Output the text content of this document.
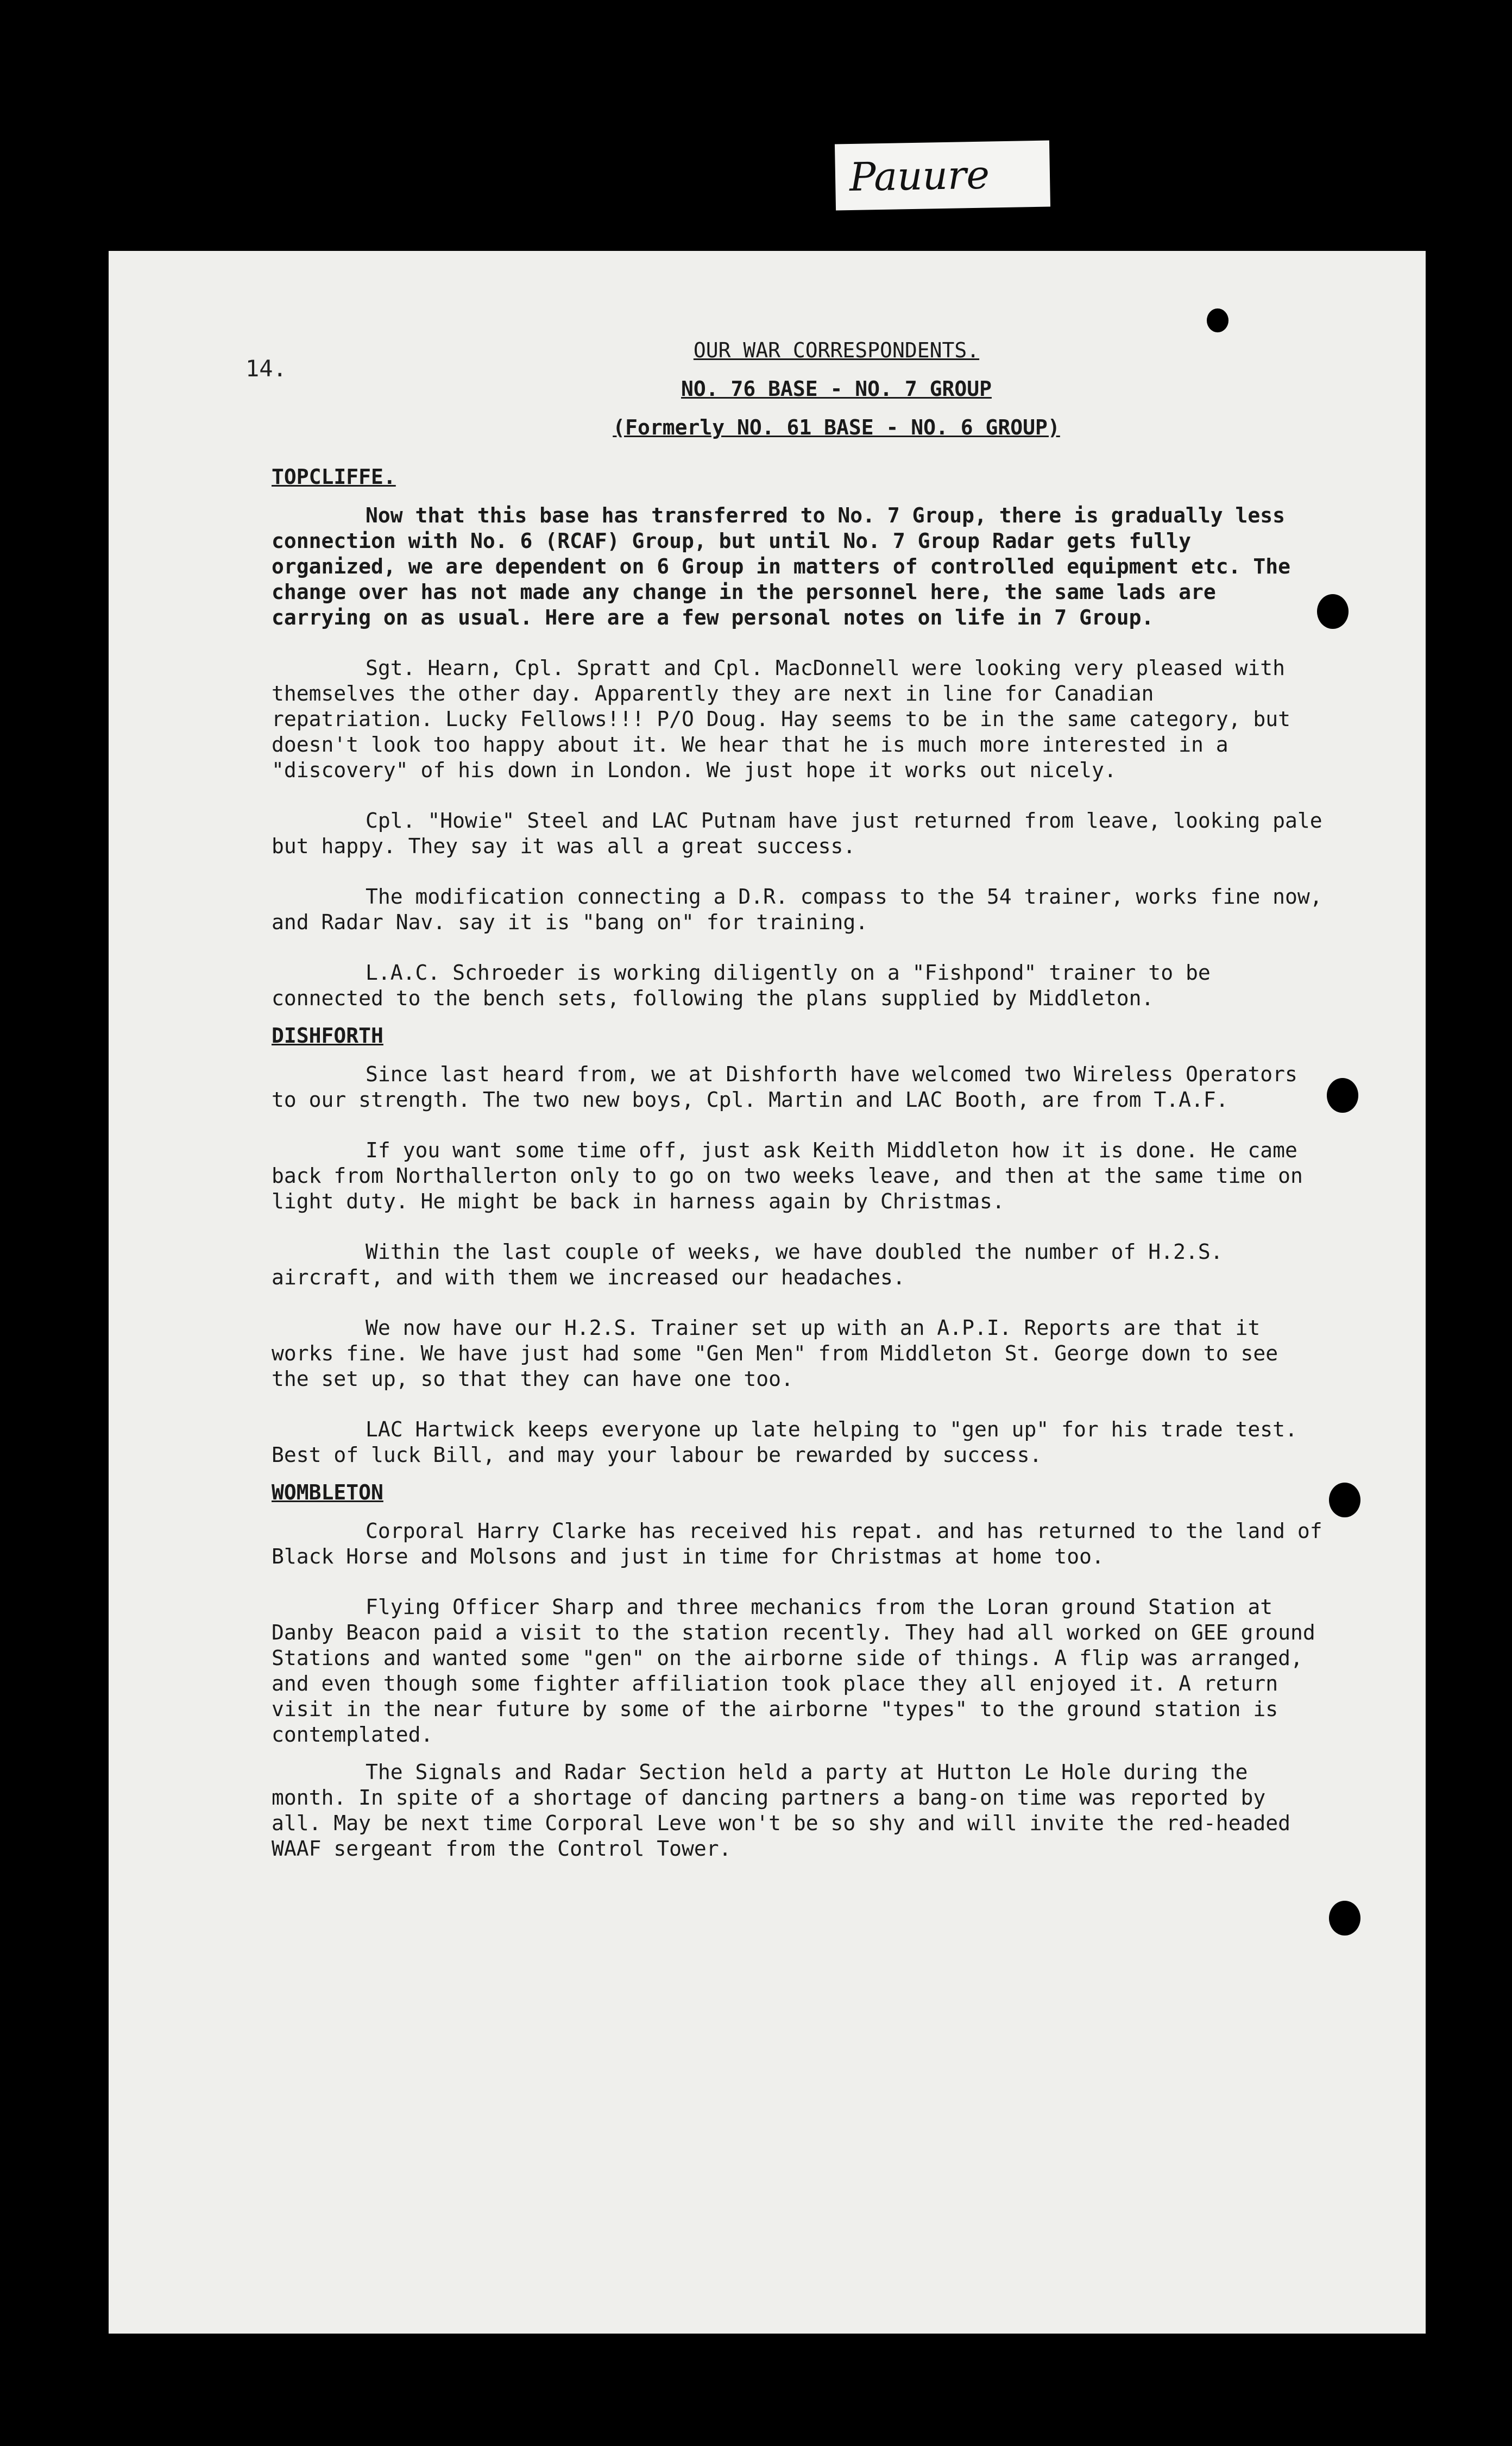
Pauure
14.
OUR WAR CORRESPONDENTS.
NO. 76 BASE - NO. 7 GROUP
(Formerly NO. 61 BASE - NO. 6 GROUP)
TOPCLIFFE.

Now that this base has transferred to No. 7 Group, there is gradually less connection with No. 6 (RCAF) Group, but until No. 7 Group Radar gets fully organized, we are dependent on 6 Group in matters of controlled equipment etc. The change over has not made any change in the personnel here, the same lads are carrying on as usual. Here are a few personal notes on life in 7 Group.

Sgt. Hearn, Cpl. Spratt and Cpl. MacDonnell were looking very pleased with themselves the other day. Apparently they are next in line for Canadian repatriation. Lucky Fellows!!! P/O Doug. Hay seems to be in the same category, but doesn't look too happy about it. We hear that he is much more interested in a "discovery" of his down in London. We just hope it works out nicely.

Cpl. "Howie" Steel and LAC Putnam have just returned from leave, looking pale but happy. They say it was all a great success.

The modification connecting a D.R. compass to the 54 trainer, works fine now, and Radar Nav. say it is "bang on" for training.

L.A.C. Schroeder is working diligently on a "Fishpond" trainer to be connected to the bench sets, following the plans supplied by Middleton.

DISHFORTH

Since last heard from, we at Dishforth have welcomed two Wireless Operators to our strength. The two new boys, Cpl. Martin and LAC Booth, are from T.A.F.

If you want some time off, just ask Keith Middleton how it is done. He came back from Northallerton only to go on two weeks leave, and then at the same time on light duty. He might be back in harness again by Christmas.

Within the last couple of weeks, we have doubled the number of H.2.S. aircraft, and with them we increased our headaches.

We now have our H.2.S. Trainer set up with an A.P.I. Reports are that it works fine. We have just had some "Gen Men" from Middleton St. George down to see the set up, so that they can have one too.

LAC Hartwick keeps everyone up late helping to "gen up" for his trade test. Best of luck Bill, and may your labour be rewarded by success.

WOMBLETON

Corporal Harry Clarke has received his repat. and has returned to the land of Black Horse and Molsons and just in time for Christmas at home too.

Flying Officer Sharp and three mechanics from the Loran ground Station at Danby Beacon paid a visit to the station recently. They had all worked on GEE ground Stations and wanted some "gen" on the airborne side of things. A flip was arranged, and even though some fighter affiliation took place they all enjoyed it. A return visit in the near future by some of the airborne "types" to the ground station is contemplated.

The Signals and Radar Section held a party at Hutton Le Hole during the month. In spite of a shortage of dancing partners a bang-on time was reported by all. May be next time Corporal Leve won't be so shy and will invite the red-headed WAAF sergeant from the Control Tower.
